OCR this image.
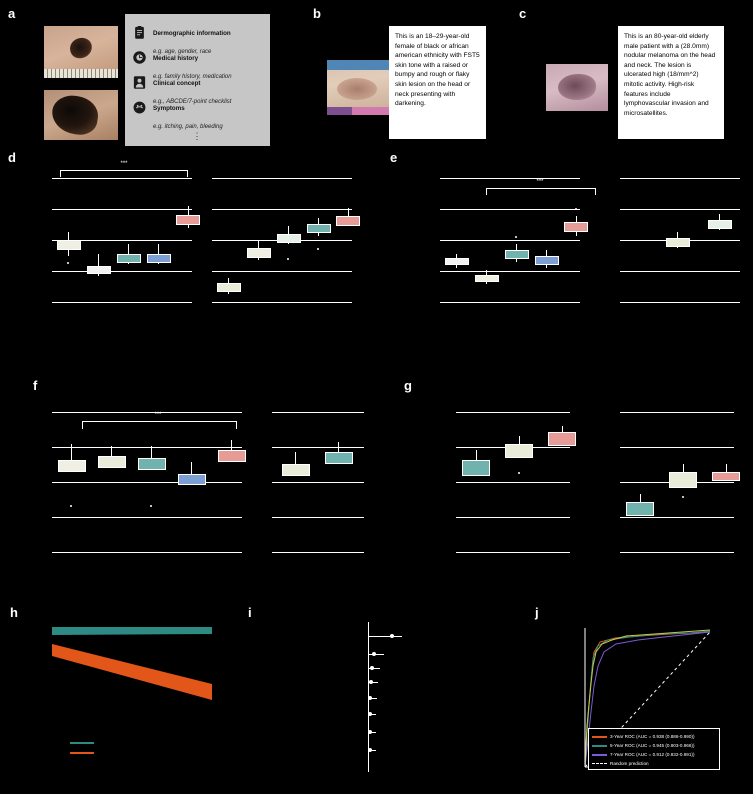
a	b	c
d	e
f	g
h	i	j
Dermographic information
e.g. age, gender, race
Medical history
e.g. family history, medication
Clinical concept
e.g., ABCDE/7-point checklist
Symptoms
e.g. itching, pain, bleeding
⋮
This is an 18–29-year-old female of black or african american ethnicity with FST5 skin tone with a raised or bumpy and rough or flaky skin lesion on the head or neck presenting with darkening.
This is an 80-year-old elderly male patient with a (28.0mm) nodular melanoma on the head and neck. The lesion is ulcerated high (18/mm^2) mitotic activity. High-risk features include lymphovascular invasion and microsatellites.
***
***
***
3-Year ROC (AUC = 0.938 (0.886-0.990))
5-Year ROC (AUC = 0.945 (0.903-0.966))
7-Year ROC (AUC = 0.912 (0.832-0.991))
Random prediction
